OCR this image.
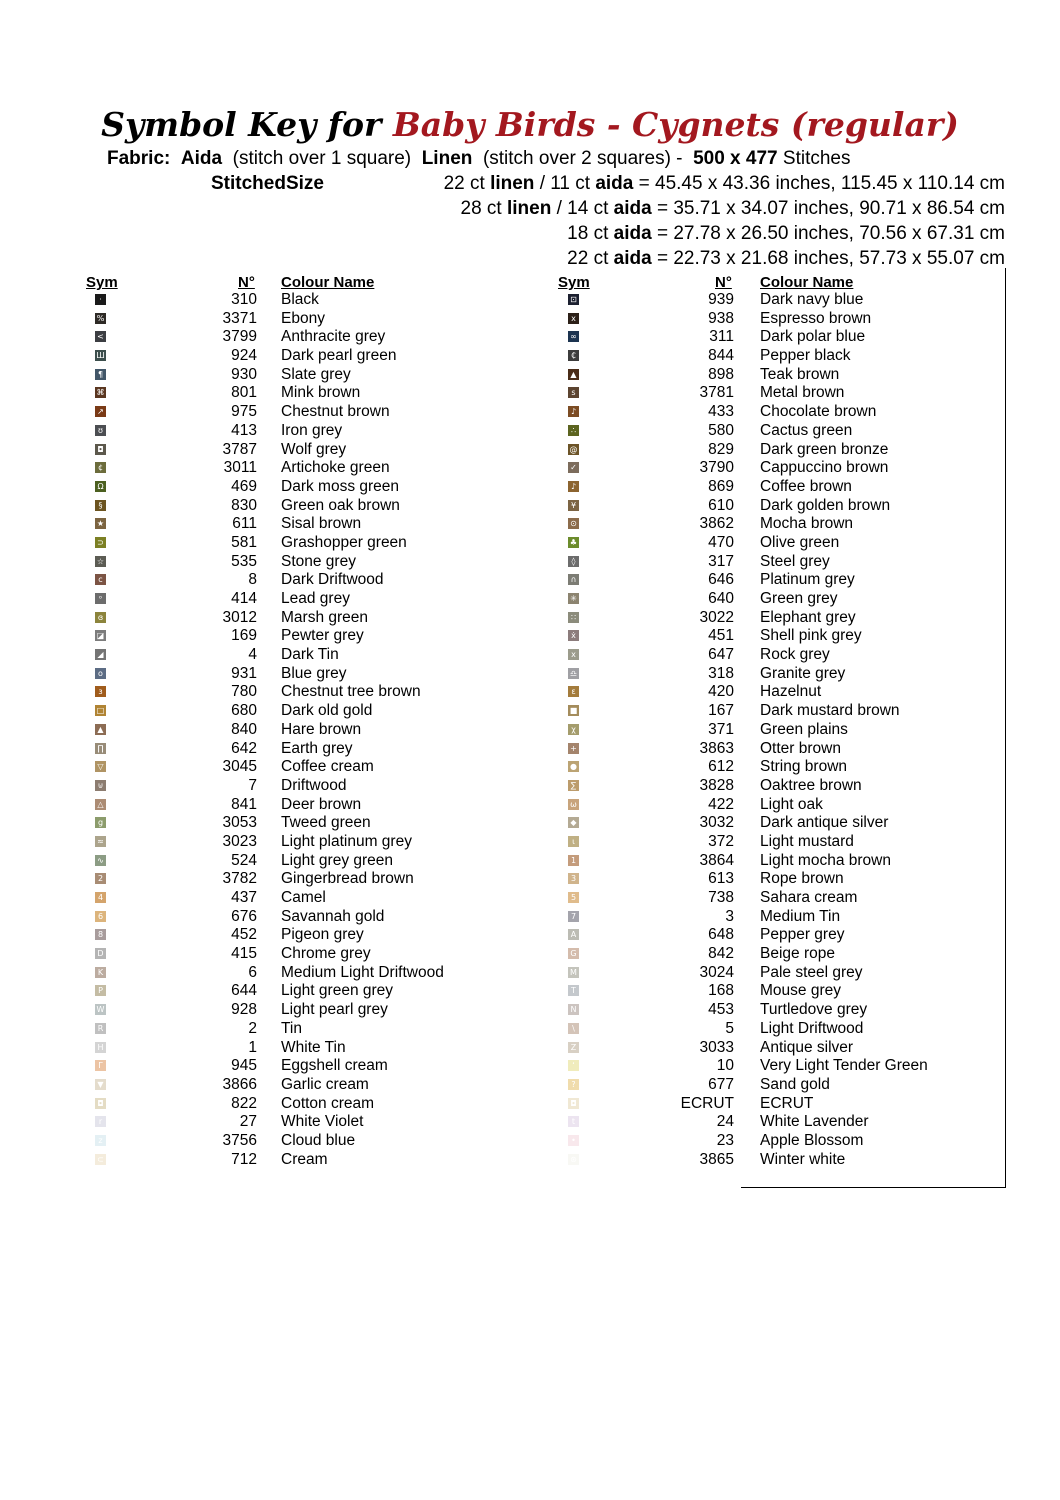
Symbol Key for Baby Birds - Cygnets (regular)
Fabric: Aida (stitch over 1 square) Linen (stitch over 2 squares) - 500 x 477 Stitches
StitchedSize	22 ct linen / 11 ct aida = 45.45 x 43.36 inches, 115.45 x 110.14 cm
28 ct linen / 14 ct aida = 35.71 x 34.07 inches, 90.71 x 86.54 cm
18 ct aida = 27.78 x 26.50 inches, 70.56 x 67.31 cm
22 ct aida = 22.73 x 21.68 inches, 57.73 x 55.07 cm
Sym	N° Colour Name	Sym	N° Colour Name
·	310 Black
%	3371 Ebony
<	3799 Anthracite grey
Ш	924 Dark pearl green
¶	930 Slate grey
⌘	801 Mink brown
↗	975 Chestnut brown
ʊ	413 Iron grey
◘	3787 Wolf grey
¢	3011 Artichoke green
Ω	469 Dark moss green
§	830 Green oak brown
★	611 Sisal brown
⊃	581 Grashopper green
☆	535 Stone grey
c	8 Dark Driftwood
ᵒ	414 Lead grey
ɞ	3012 Marsh green
◪	169 Pewter grey
◢	4 Dark Tin
o	931 Blue grey
ɜ	780 Chestnut tree brown
□	680 Dark old gold
▲	840 Hare brown
∏	642 Earth grey
▽	3045 Coffee cream
⊍	7 Driftwood
△	841 Deer brown
g	3053 Tweed green
≈	3023 Light platinum grey
∿	524 Light grey green
2	3782 Gingerbread brown
4	437 Camel
6	676 Savannah gold
8	452 Pigeon grey
D	415 Chrome grey
K	6 Medium Light Driftwood
P	644 Light green grey
W	928 Light pearl grey
R	2 Tin
H	1 White Tin
Γ	945 Eggshell cream
▼	3866 Garlic cream
◘	822 Cotton cream
r	27 White Violet
z	3756 Cloud blue
⊂	712 Cream
⊡	939 Dark navy blue
x	938 Espresso brown
∞	311 Dark polar blue
₵	844 Pepper black
▲	898 Teak brown
s	3781 Metal brown
♪	433 Chocolate brown
∴	580 Cactus green
@	829 Dark green bronze
✓	3790 Cappuccino brown
♪	869 Coffee brown
¥	610 Dark golden brown
⊙	3862 Mocha brown
♣	470 Olive green
◊	317 Steel grey
∩	646 Platinum grey
✳	640 Green grey
∷	3022 Elephant grey
ẋ	451 Shell pink grey
x	647 Rock grey
♎	318 Granite grey
ε	420 Hazelnut
■	167 Dark mustard brown
χ	371 Green plains
+	3863 Otter brown
●	612 String brown
∑	3828 Oaktree brown
ω	422 Light oak
◆	3032 Dark antique silver
ɩ	372 Light mustard
1	3864 Light mocha brown
3	613 Rope brown
5	738 Sahara cream
7	3 Medium Tin
A	648 Pepper grey
G	842 Beige rope
M	3024 Pale steel grey
T	168 Mouse grey
N	453 Turtledove grey
\	5 Light Driftwood
Z	3033 Antique silver
ʻ	10 Very Light Tender Green
?	677 Sand gold
◘	ECRUT ECRUT
t	24 White Lavender
•	23 Apple Blossom
⊛	3865 Winter white
